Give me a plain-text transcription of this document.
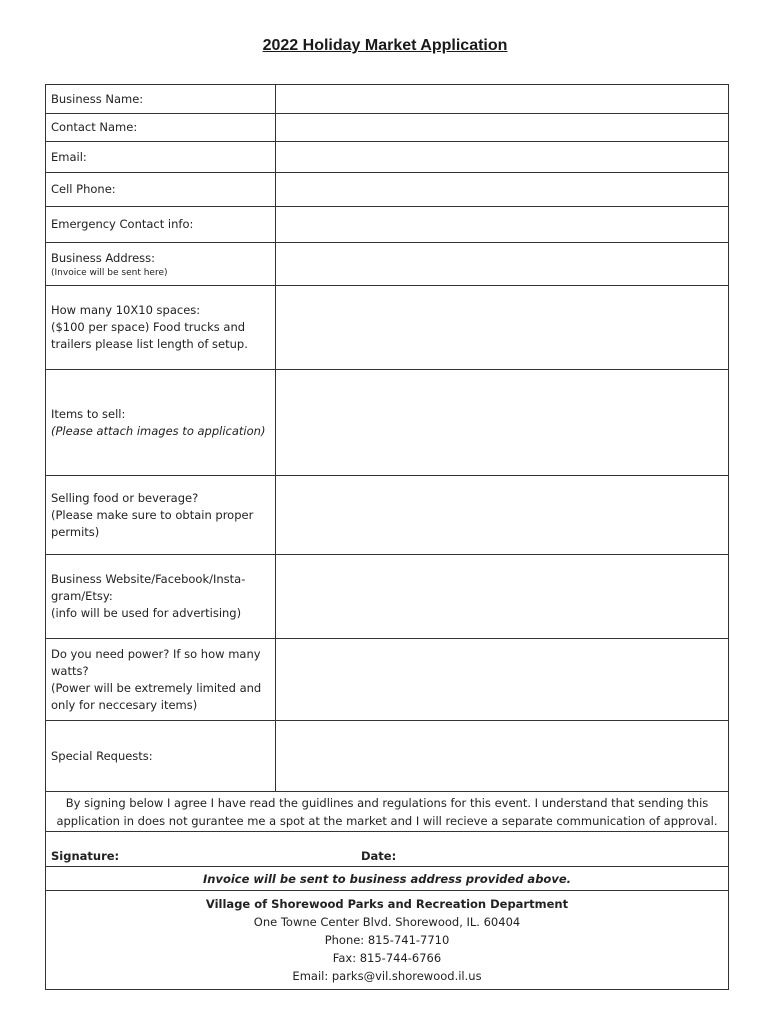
2022 Holiday Market Application
Business Name:
Contact Name:
Email:
Cell Phone:
Emergency Contact info:
Business Address:
(Invoice will be sent here)
How many 10X10 spaces:
($100 per space) Food trucks and
trailers please list length of setup.
Items to sell:
(Please attach images to application)
Selling food or beverage?
(Please make sure to obtain proper
permits)
Business Website/Facebook/Insta-
gram/Etsy:
(info will be used for advertising)
Do you need power? If so how many
watts?
(Power will be extremely limited and
only for neccesary items)
Special Requests:
By signing below I agree I have read the guidlines and regulations for this event. I understand that sending this
application in does not gurantee me a spot at the market and I will recieve a separate communication of approval.
Signature:	Date:
Invoice will be sent to business address provided above.
Village of Shorewood Parks and Recreation Department
One Towne Center Blvd. Shorewood, IL. 60404
Phone: 815-741-7710
Fax: 815-744-6766
Email: parks@vil.shorewood.il.us
